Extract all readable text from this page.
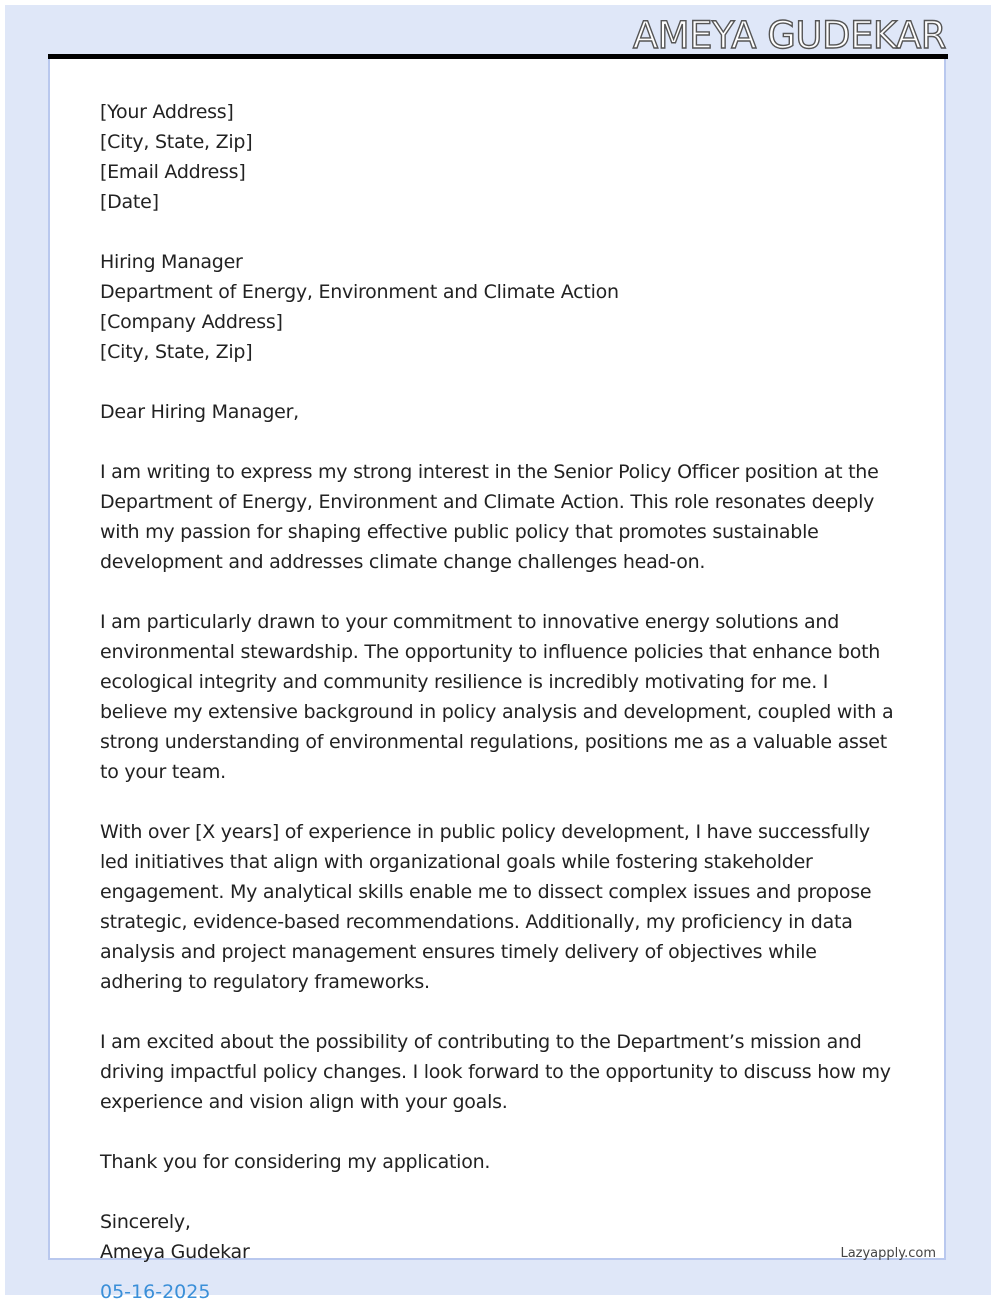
AMEYA GUDEKAR
[Your Address]
[City, State, Zip]
[Email Address]
[Date]
Hiring Manager
Department of Energy, Environment and Climate Action
[Company Address]
[City, State, Zip]
Dear Hiring Manager,

I am writing to express my strong interest in the Senior Policy Officer position at the Department of Energy, Environment and Climate Action. This role resonates deeply with my passion for shaping effective public policy that promotes sustainable development and addresses climate change challenges head-on.

I am particularly drawn to your commitment to innovative energy solutions and environmental stewardship. The opportunity to influence policies that enhance both ecological integrity and community resilience is incredibly motivating for me. I believe my extensive background in policy analysis and development, coupled with a strong understanding of environmental regulations, positions me as a valuable asset to your team.

With over [X years] of experience in public policy development, I have successfully led initiatives that align with organizational goals while fostering stakeholder engagement. My analytical skills enable me to dissect complex issues and propose strategic, evidence-based recommendations. Additionally, my proficiency in data analysis and project management ensures timely delivery of objectives while adhering to regulatory frameworks.

I am excited about the possibility of contributing to the Department’s mission and driving impactful policy changes. I look forward to the opportunity to discuss how my experience and vision align with your goals.

Thank you for considering my application.

Sincerely,
Ameya Gudekar
05-16-2025
Lazyapply.com
